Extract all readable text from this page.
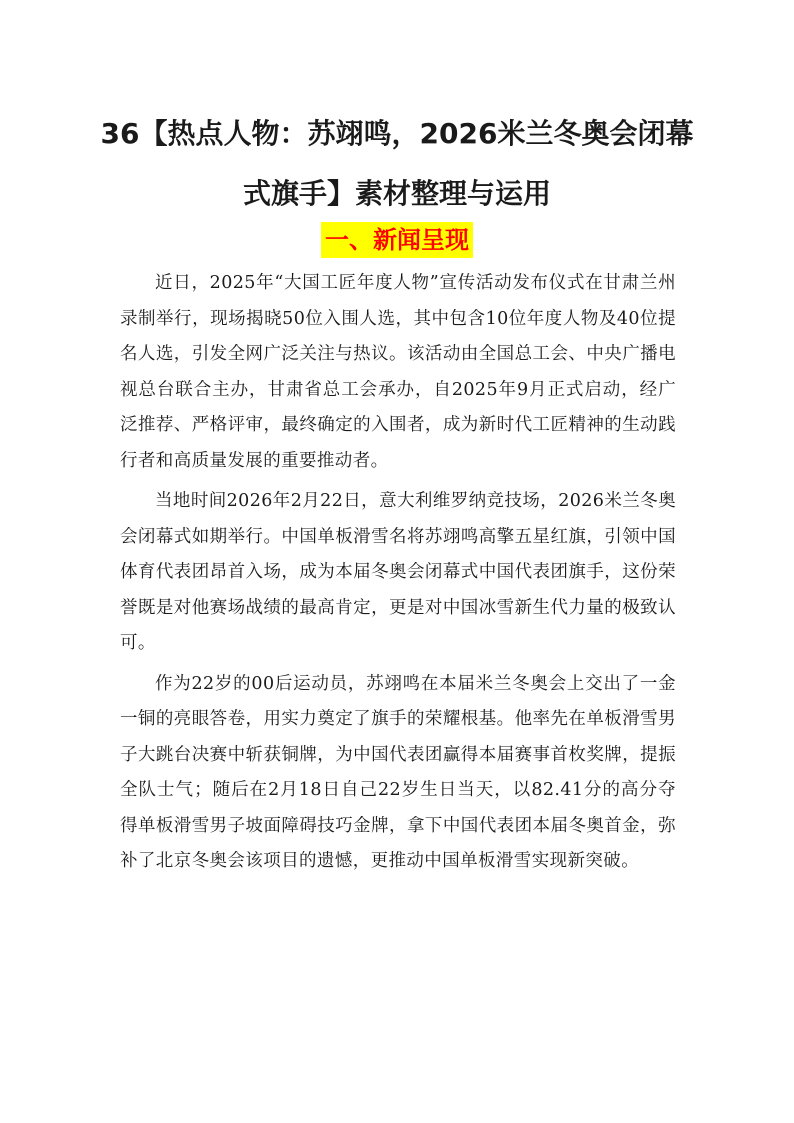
36【热点人物：苏翊鸣，2026米兰冬奥会闭幕式旗手】素材整理与运用
一、新闻呈现

近日，2025年“大国工匠年度人物”宣传活动发布仪式在甘肃兰州录制举行，现场揭晓50位入围人选，其中包含10位年度人物及40位提名人选，引发全网广泛关注与热议。该活动由全国总工会、中央广播电视总台联合主办，甘肃省总工会承办，自2025年9月正式启动，经广泛推荐、严格评审，最终确定的入围者，成为新时代工匠精神的生动践行者和高质量发展的重要推动者。

当地时间2026年2月22日，意大利维罗纳竞技场，2026米兰冬奥会闭幕式如期举行。中国单板滑雪名将苏翊鸣高擎五星红旗，引领中国体育代表团昂首入场，成为本届冬奥会闭幕式中国代表团旗手，这份荣誉既是对他赛场战绩的最高肯定，更是对中国冰雪新生代力量的极致认可。

作为22岁的00后运动员，苏翊鸣在本届米兰冬奥会上交出了一金一铜的亮眼答卷，用实力奠定了旗手的荣耀根基。他率先在单板滑雪男子大跳台决赛中斩获铜牌，为中国代表团赢得本届赛事首枚奖牌，提振全队士气；随后在2月18日自己22岁生日当天，以82.41分的高分夺得单板滑雪男子坡面障碍技巧金牌，拿下中国代表团本届冬奥首金，弥补了北京冬奥会该项目的遗憾，更推动中国单板滑雪实现新突破。
